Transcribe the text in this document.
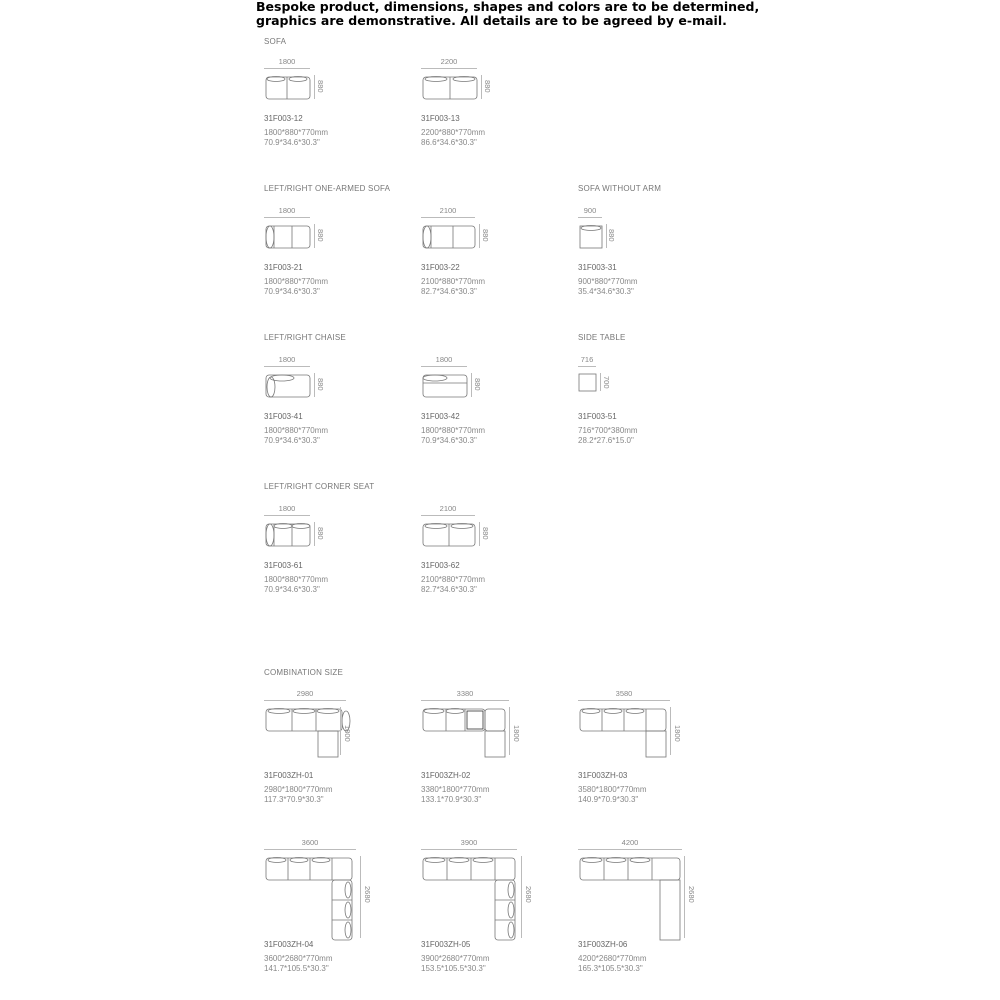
Bespoke product, dimensions, shapes and colors are to be determined, graphics are demonstrative. All details are to be agreed by e-mail.
SOFA
LEFT/RIGHT ONE-ARMED SOFA	SOFA WITHOUT ARM
LEFT/RIGHT CHAISE	SIDE TABLE
LEFT/RIGHT CORNER SEAT
COMBINATION SIZE
1800
880
31F003-12
1800*880*770mm
70.9*34.6*30.3"
2200
880
31F003-13
2200*880*770mm
86.6*34.6*30.3"
1800
880
31F003-21
1800*880*770mm
70.9*34.6*30.3"
2100
880
31F003-22
2100*880*770mm
82.7*34.6*30.3"
900
880
31F003-31
900*880*770mm
35.4*34.6*30.3"
1800
880
31F003-41
1800*880*770mm
70.9*34.6*30.3"
1800
880
31F003-42
1800*880*770mm
70.9*34.6*30.3"
716
700
31F003-51
716*700*380mm
28.2*27.6*15.0"
1800
880
31F003-61
1800*880*770mm
70.9*34.6*30.3"
2100
880
31F003-62
2100*880*770mm
82.7*34.6*30.3"
2980
1800
31F003ZH-01
2980*1800*770mm
117.3*70.9*30.3"
3380
1800
31F003ZH-02
3380*1800*770mm
133.1*70.9*30.3"
3580
1800
31F003ZH-03
3580*1800*770mm
140.9*70.9*30.3"
3600
2680
31F003ZH-04
3600*2680*770mm
141.7*105.5*30.3"
3900
2680
31F003ZH-05
3900*2680*770mm
153.5*105.5*30.3"
4200
2680
31F003ZH-06
4200*2680*770mm
165.3*105.5*30.3"
